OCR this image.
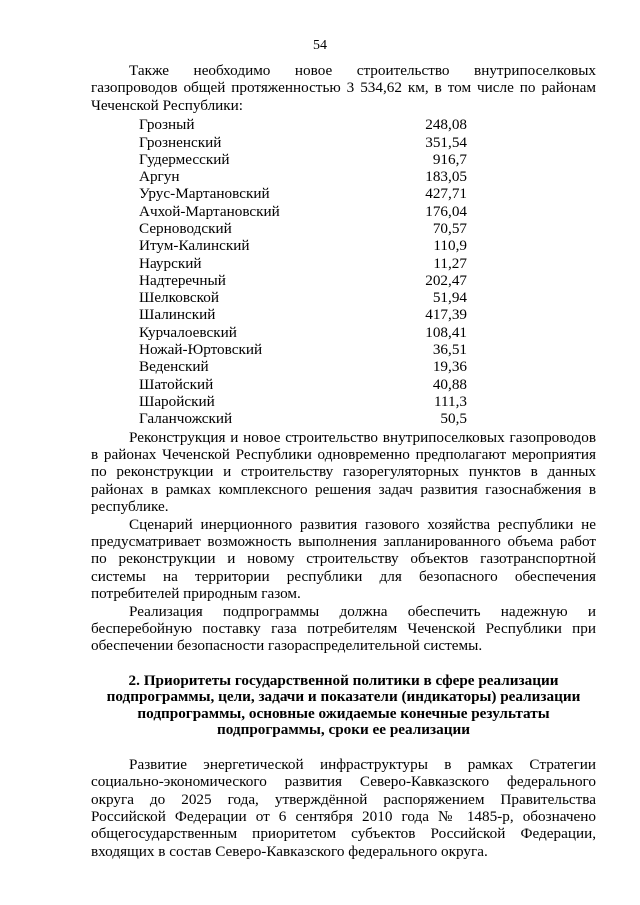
54

Также необходимо новое строительство внутрипоселковых газопроводов общей протяженностью 3 534,62 км, в том числе по районам Чеченской Республики:

Грозный	248,08
Грозненский	351,54
Гудермесский	916,7
Аргун	183,05
Урус-Мартановский	427,71
Ачхой-Мартановский	176,04
Серноводский	70,57
Итум-Калинский	110,9
Наурский	11,27
Надтеречный	202,47
Шелковской	51,94
Шалинский	417,39
Курчалоевский	108,41
Ножай-Юртовский	36,51
Веденский	19,36
Шатойский	40,88
Шаройский	111,3
Галанчожский	50,5

Реконструкция и новое строительство внутрипоселковых газопроводов в районах Чеченской Республики одновременно предполагают мероприятия по реконструкции и строительству газорегуляторных пунктов в данных районах в рамках комплексного решения задач развития газоснабжения в республике.

Сценарий инерционного развития газового хозяйства республики не предусматривает возможность выполнения запланированного объема работ по реконструкции и новому строительству объектов газотранспортной системы на территории республики для безопасного обеспечения потребителей природным газом.

Реализация подпрограммы должна обеспечить надежную и бесперебойную поставку газа потребителям Чеченской Республики при обеспечении безопасности газораспределительной системы.

2. Приоритеты государственной политики в сфере реализации
подпрограммы, цели, задачи и показатели (индикаторы) реализации
подпрограммы, основные ожидаемые конечные результаты
подпрограммы, сроки ее реализации

Развитие энергетической инфраструктуры в рамках Стратегии социально-экономического развития Северо-Кавказского федерального округа до 2025 года, утверждённой распоряжением Правительства Российской Федерации от 6 сентября 2010 года № 1485-р, обозначено общегосударственным приоритетом субъектов Российской Федерации, входящих в состав Северо-Кавказского федерального округа.
